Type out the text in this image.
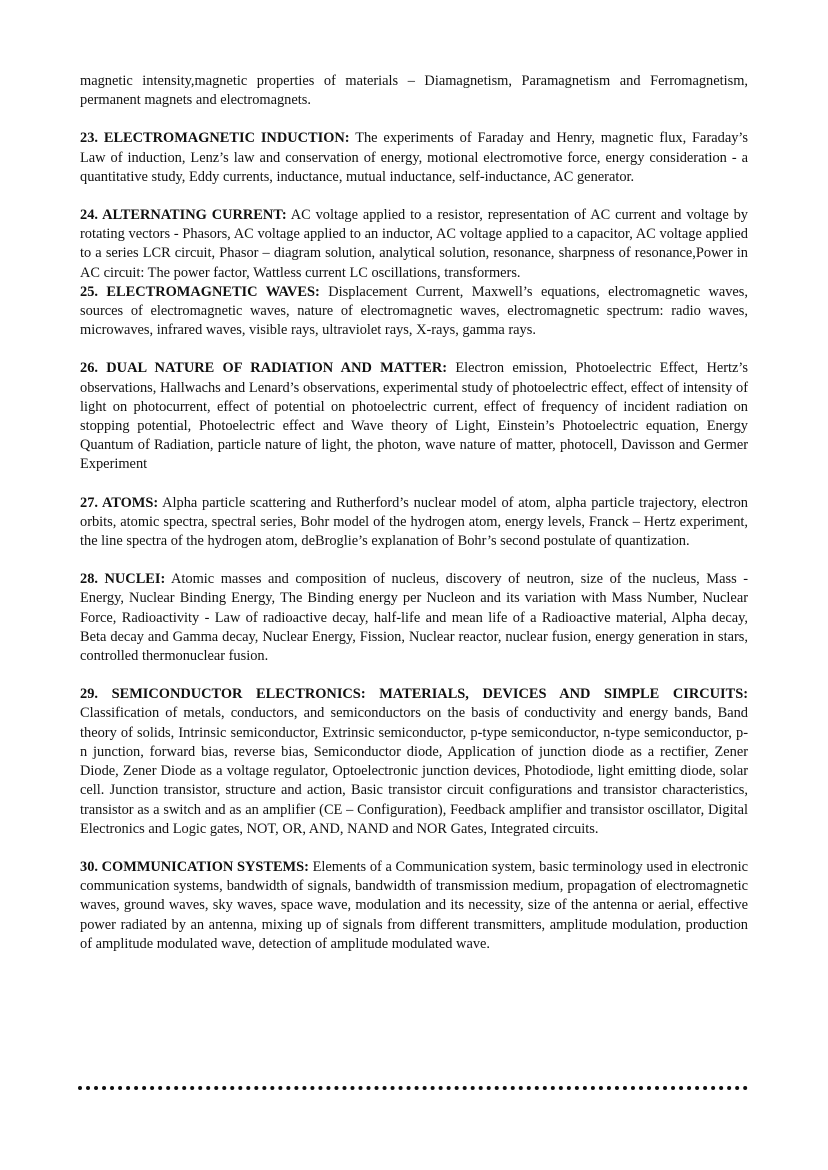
magnetic intensity,magnetic properties of materials – Diamagnetism, Paramagnetism and Ferromagnetism, permanent magnets and electromagnets.

23. ELECTROMAGNETIC INDUCTION: The experiments of Faraday and Henry, magnetic flux, Faraday’s Law of induction, Lenz’s law and conservation of energy, motional electromotive force, energy consideration - a quantitative study, Eddy currents, inductance, mutual inductance, self-inductance, AC generator.

24. ALTERNATING CURRENT: AC voltage applied to a resistor, representation of AC current and voltage by rotating vectors - Phasors, AC voltage applied to an inductor, AC voltage applied to a capacitor, AC voltage applied to a series LCR circuit, Phasor – diagram solution, analytical solution, resonance, sharpness of resonance,Power in AC circuit: The power factor, Wattless current LC oscillations, transformers.

25. ELECTROMAGNETIC WAVES: Displacement Current, Maxwell’s equations, electromagnetic waves, sources of electromagnetic waves, nature of electromagnetic waves, electromagnetic spectrum: radio waves, microwaves, infrared waves, visible rays, ultraviolet rays, X-rays, gamma rays.

26. DUAL NATURE OF RADIATION AND MATTER: Electron emission, Photoelectric Effect, Hertz’s observations, Hallwachs and Lenard’s observations, experimental study of photoelectric effect, effect of intensity of light on photocurrent, effect of potential on photoelectric current, effect of frequency of incident radiation on stopping potential, Photoelectric effect and Wave theory of Light, Einstein’s Photoelectric equation, Energy Quantum of Radiation, particle nature of light, the photon, wave nature of matter, photocell, Davisson and Germer Experiment

27. ATOMS: Alpha particle scattering and Rutherford’s nuclear model of atom, alpha particle trajectory, electron orbits, atomic spectra, spectral series, Bohr model of the hydrogen atom, energy levels, Franck – Hertz experiment, the line spectra of the hydrogen atom, deBroglie’s explanation of Bohr’s second postulate of quantization.

28. NUCLEI: Atomic masses and composition of nucleus, discovery of neutron, size of the nucleus, Mass - Energy, Nuclear Binding Energy, The Binding energy per Nucleon and its variation with Mass Number, Nuclear Force, Radioactivity - Law of radioactive decay, half-life and mean life of a Radioactive material, Alpha decay, Beta decay and Gamma decay, Nuclear Energy, Fission, Nuclear reactor, nuclear fusion, energy generation in stars, controlled thermonuclear fusion.

29. SEMICONDUCTOR ELECTRONICS: MATERIALS, DEVICES AND SIMPLE CIRCUITS: Classification of metals, conductors, and semiconductors on the basis of conductivity and energy bands, Band theory of solids, Intrinsic semiconductor, Extrinsic semiconductor, p-type semiconductor, n-type semiconductor, p-n junction, forward bias, reverse bias, Semiconductor diode, Application of junction diode as a rectifier, Zener Diode, Zener Diode as a voltage regulator, Optoelectronic junction devices, Photodiode, light emitting diode, solar cell. Junction transistor, structure and action, Basic transistor circuit configurations and transistor characteristics, transistor as a switch and as an amplifier (CE – Configuration), Feedback amplifier and transistor oscillator, Digital Electronics and Logic gates, NOT, OR, AND, NAND and NOR Gates, Integrated circuits.

30. COMMUNICATION SYSTEMS: Elements of a Communication system, basic terminology used in electronic communication systems, bandwidth of signals, bandwidth of transmission medium, propagation of electromagnetic waves, ground waves, sky waves, space wave, modulation and its necessity, size of the antenna or aerial, effective power radiated by an antenna, mixing up of signals from different transmitters, amplitude modulation, production of amplitude modulated wave, detection of amplitude modulated wave.
